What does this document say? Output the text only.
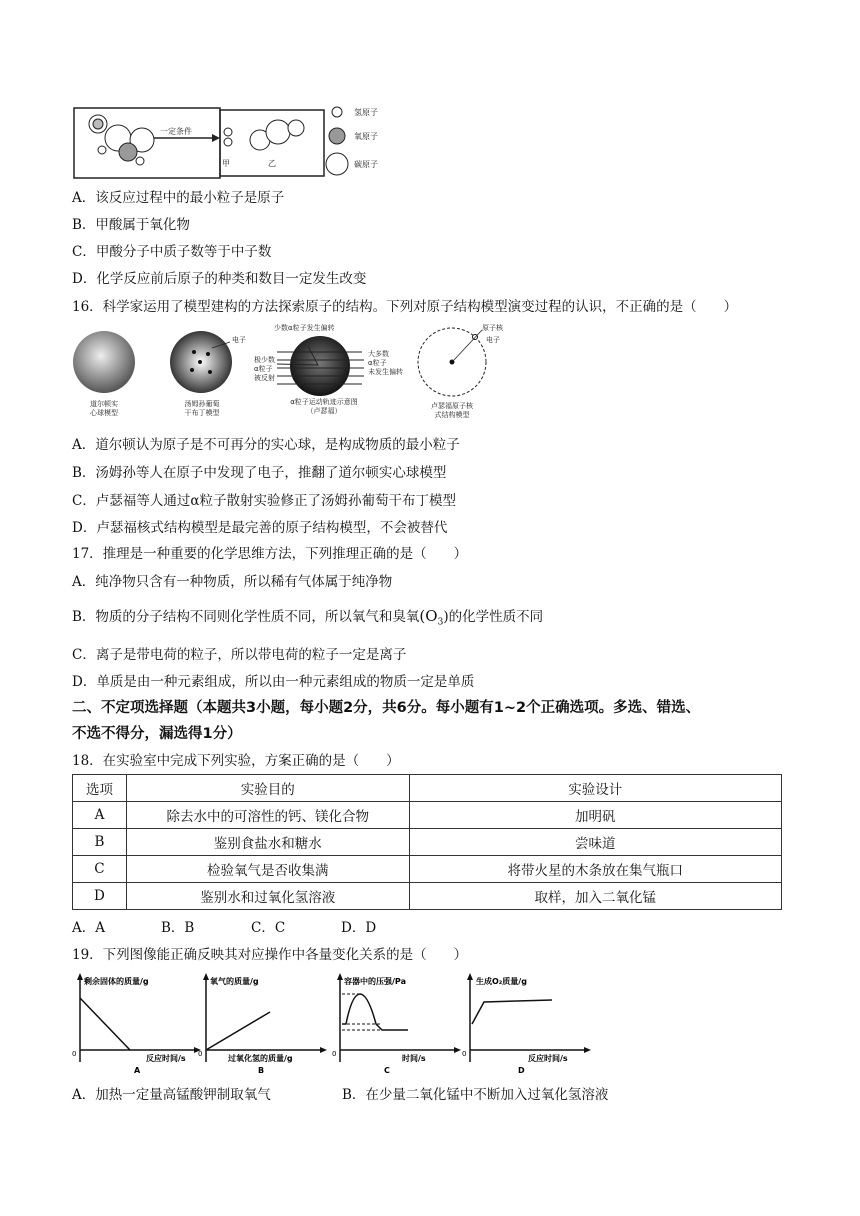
一定条件
甲	乙
氢原子
氧原子
碳原子
A．该反应过程中的最小粒子是原子
B．甲酸属于氧化物
C．甲酸分子中质子数等于中子数
D．化学反应前后原子的种类和数目一定发生改变
16．科学家运用了模型建构的方法探索原子的结构。下列对原子结构模型演变过程的认识，不正确的是（　　）
道尔顿实
心球模型
电子
汤姆孙葡萄
干布丁模型
少数α粒子发生偏转
极少数
α粒子
被反射
大多数
α粒子
未发生偏转
α粒子运动轨迹示意图
（卢瑟福）
原子核
电子
卢瑟福原子核
式结构模型
A．道尔顿认为原子是不可再分的实心球，是构成物质的最小粒子
B．汤姆孙等人在原子中发现了电子，推翻了道尔顿实心球模型
C．卢瑟福等人通过α粒子散射实验修正了汤姆孙葡萄干布丁模型
D．卢瑟福核式结构模型是最完善的原子结构模型，不会被替代
17．推理是一种重要的化学思维方法，下列推理正确的是（　　）
A．纯净物只含有一种物质，所以稀有气体属于纯净物
B．物质的分子结构不同则化学性质不同，所以氧气和臭氧$(O_3)$的化学性质不同
C．离子是带电荷的粒子，所以带电荷的粒子一定是离子
D．单质是由一种元素组成，所以由一种元素组成的物质一定是单质
二、不定项选择题（本题共3小题，每小题2分，共6分。每小题有1~2个正确选项。多选、错选、
不选不得分，漏选得1分）
18．在实验室中完成下列实验，方案正确的是（　　）
选项	实验目的	实验设计
A	除去水中的可溶性的钙、镁化合物	加明矾
B	鉴别食盐水和糖水	尝味道
C	检验氧气是否收集满	将带火星的木条放在集气瓶口
D	鉴别水和过氧化氢溶液	取样，加入二氧化锰
A．A	B．B	C．C	D．D
19．下列图像能正确反映其对应操作中各量变化关系的是（　　）
剩余固体的质量/g
0	反应时间/s
A
氧气的质量/g
0	过氧化氢的质量/g
B
容器中的压强/Pa
0	时间/s
C
生成O₂质量/g
0	反应时间/s
D
A．加热一定量高锰酸钾制取氧气	B．在少量二氧化锰中不断加入过氧化氢溶液
